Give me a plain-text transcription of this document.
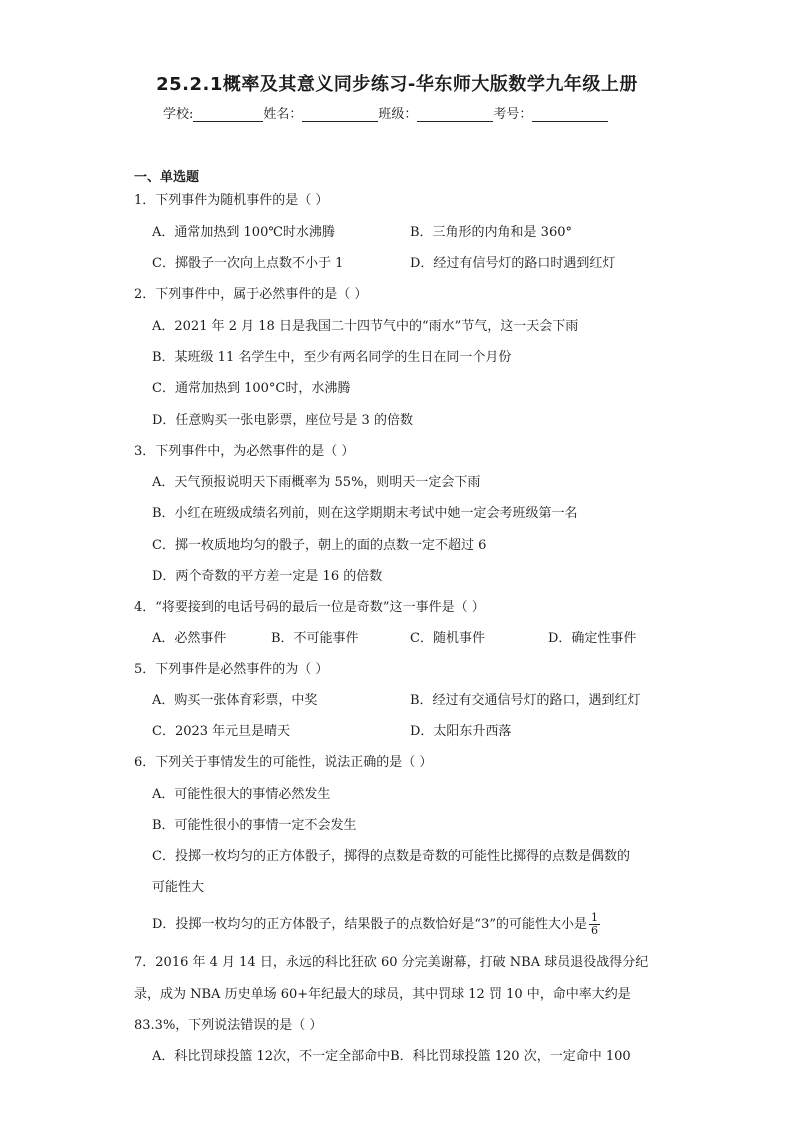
25.2.1概率及其意义同步练习-华东师大版数学九年级上册
学校:	姓名：	班级：	考号：
一、单选题
1．下列事件为随机事件的是（ ）
A．通常加热到 100℃时水沸腾	B．三角形的内角和是 360°
C．掷骰子一次向上点数不小于 1	D．经过有信号灯的路口时遇到红灯
2．下列事件中，属于必然事件的是（ ）
A．2021 年 2 月 18 日是我国二十四节气中的“雨水”节气，这一天会下雨
B．某班级 11 名学生中，至少有两名同学的生日在同一个月份
C．通常加热到 100°C时，水沸腾
D．任意购买一张电影票，座位号是 3 的倍数
3．下列事件中，为必然事件的是（ ）
A．天气预报说明天下雨概率为 55%，则明天一定会下雨
B．小红在班级成绩名列前，则在这学期期末考试中她一定会考班级第一名
C．掷一枚质地均匀的骰子，朝上的面的点数一定不超过 6
D．两个奇数的平方差一定是 16 的倍数
4．“将要接到的电话号码的最后一位是奇数”这一事件是（ ）
A．必然事件	B．不可能事件	C．随机事件	D．确定性事件
5．下列事件是必然事件的为（ ）
A．购买一张体育彩票，中奖	B．经过有交通信号灯的路口，遇到红灯
C．2023 年元旦是晴天	D．太阳东升西落
6．下列关于事情发生的可能性，说法正确的是（ ）
A．可能性很大的事情必然发生
B．可能性很小的事情一定不会发生
C．投掷一枚均匀的正方体骰子，掷得的点数是奇数的可能性比掷得的点数是偶数的
可能性大
D．投掷一枚均匀的正方体骰子，结果骰子的点数恰好是“3”的可能性大小是 $\frac{1}{6}$
7．2016 年 4 月 14 日，永远的科比狂砍 60 分完美谢幕，打破 NBA 球员退役战得分纪
录，成为 NBA 历史单场 60+年纪最大的球员，其中罚球 12 罚 10 中，命中率大约是
83.3%，下列说法错误的是（ ）
A．科比罚球投篮 12次，不一定全部命中B．科比罚球投篮 120 次，一定命中 100
